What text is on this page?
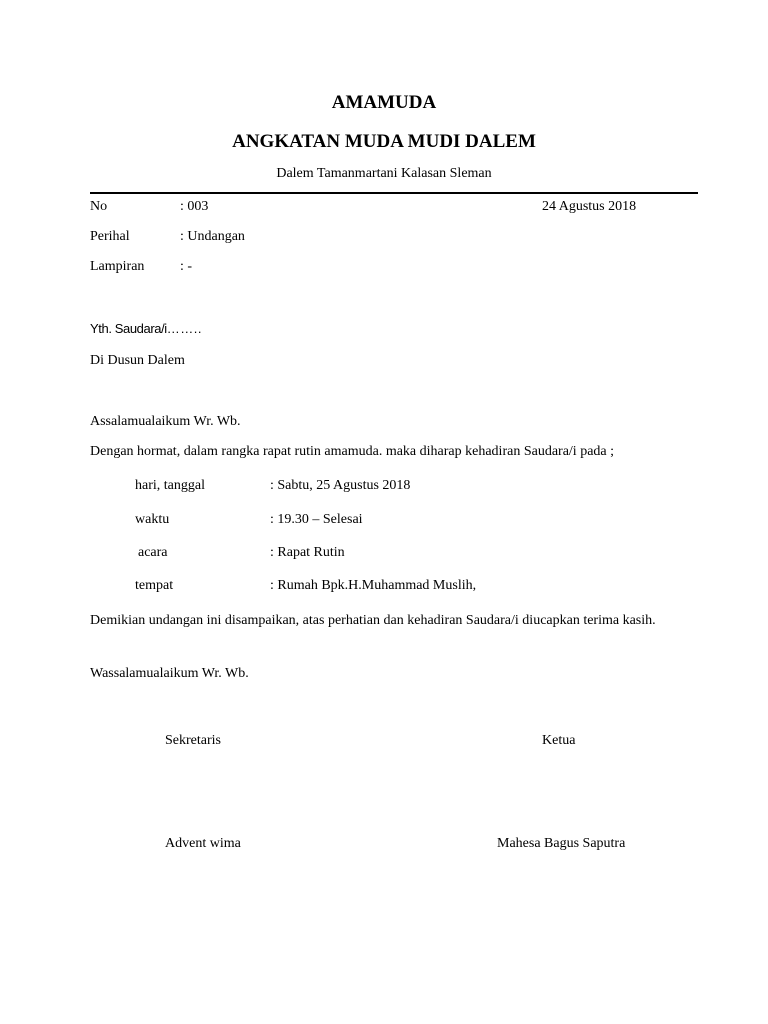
AMAMUDA
ANGKATAN MUDA MUDI DALEM
Dalem Tamanmartani Kalasan Sleman
No	: 003	24 Agustus 2018
Perihal	: Undangan
Lampiran	: -
Yth. Saudara/i……..
Di Dusun Dalem
Assalamualaikum Wr. Wb.
Dengan hormat, dalam rangka rapat rutin amamuda. maka diharap kehadiran Saudara/i pada ;
hari, tanggal	: Sabtu, 25 Agustus 2018
waktu	: 19.30 – Selesai
acara	: Rapat Rutin
tempat	: Rumah Bpk.H.Muhammad Muslih,
Demikian undangan ini disampaikan, atas perhatian dan kehadiran Saudara/i diucapkan terima kasih.
Wassalamualaikum Wr. Wb.
Sekretaris	Ketua
Advent wima	Mahesa Bagus Saputra
